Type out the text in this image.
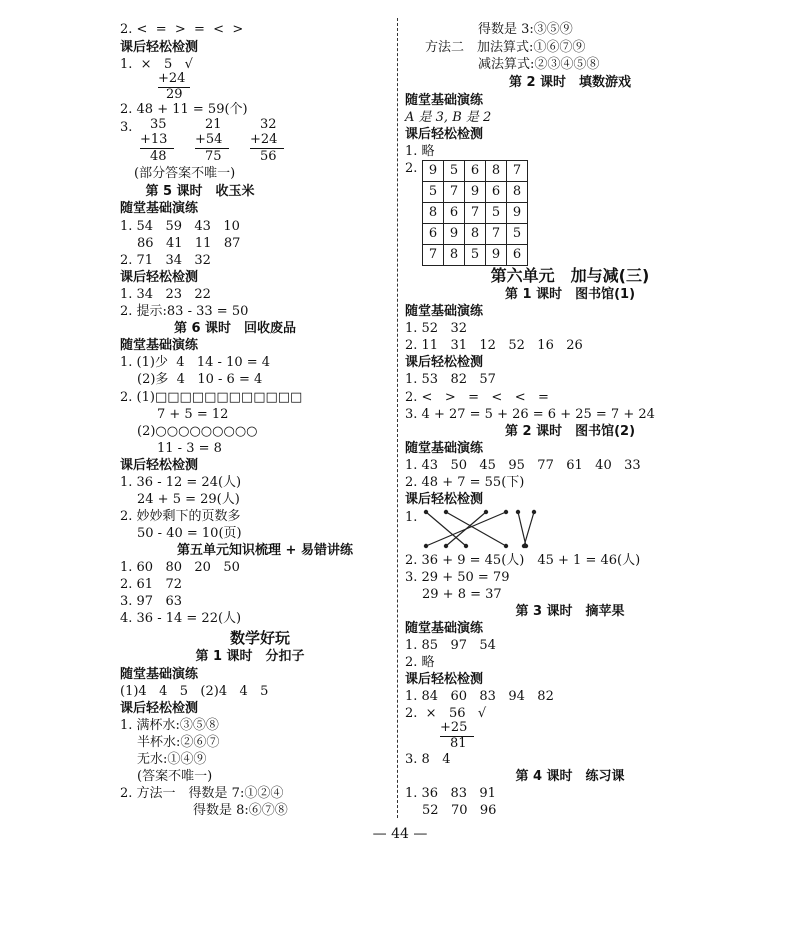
2. <  =  >  =  <  >
课后轻松检测
1.  ×   5   √
+24
29
2. 48 + 11 = 59(个)
3. 35
+13
48
21
+54
75
32
+24
56
(部分答案不唯一)
第 5 课时　收玉米
随堂基础演练
1. 54   59   43   10
86   41   11   87
2. 71   34   32
课后轻松检测
1. 34   23   22
2. 提示:83 - 33 = 50
第 6 课时　回收废品
随堂基础演练
1. (1)少  4   14 - 10 = 4
(2)多  4   10 - 6 = 4
2. (1)□□□□□□□□□□□□
7 + 5 = 12
(2)○○○○○○○○○
11 - 3 = 8
课后轻松检测
1. 36 - 12 = 24(人)
24 + 5 = 29(人)
2. 妙妙剩下的页数多
50 - 40 = 10(页)
第五单元知识梳理 + 易错讲练
1. 60   80   20   50
2. 61   72
3. 97   63
4. 36 - 14 = 22(人)
数学好玩
第 1 课时　分扣子
随堂基础演练
(1)4   4   5   (2)4   4   5
课后轻松检测
1. 满杯水:③⑤⑧
半杯水:②⑥⑦
无水:①④⑨
(答案不唯一)
2. 方法一　得数是 7:①②④
得数是 8:⑥⑦⑧
得数是 3:③⑤⑨
方法二　加法算式:①⑥⑦⑨
减法算式:②③④⑤⑧
第 2 课时　填数游戏
随堂基础演练
A 是 3, B 是 2
课后轻松检测
1. 略
2. 9	5	6	8	7
5	7	9	6	8
8	6	7	5	9
6	9	8	7	5
7	8	5	9	6
第六单元　加与减(三)
第 1 课时　图书馆(1)
随堂基础演练
1. 52   32
2. 11   31   12   52   16   26
课后轻松检测
1. 53   82   57
2. <   >   =   <   <   =
3. 4 + 27 = 5 + 26 = 6 + 25 = 7 + 24
第 2 课时　图书馆(2)
随堂基础演练
1. 43   50   45   95   77   61   40   33
2. 48 + 7 = 55(下)
课后轻松检测
1.
2. 36 + 9 = 45(人)　45 + 1 = 46(人)
3. 29 + 50 = 79
29 + 8 = 37
第 3 课时　摘苹果
随堂基础演练
1. 85   97   54
2. 略
课后轻松检测
1. 84   60   83   94   82
2.  ×   56   √
+25
81
3. 8   4
第 4 课时　练习课
1. 36   83   91
52   70   96
— 44 —
